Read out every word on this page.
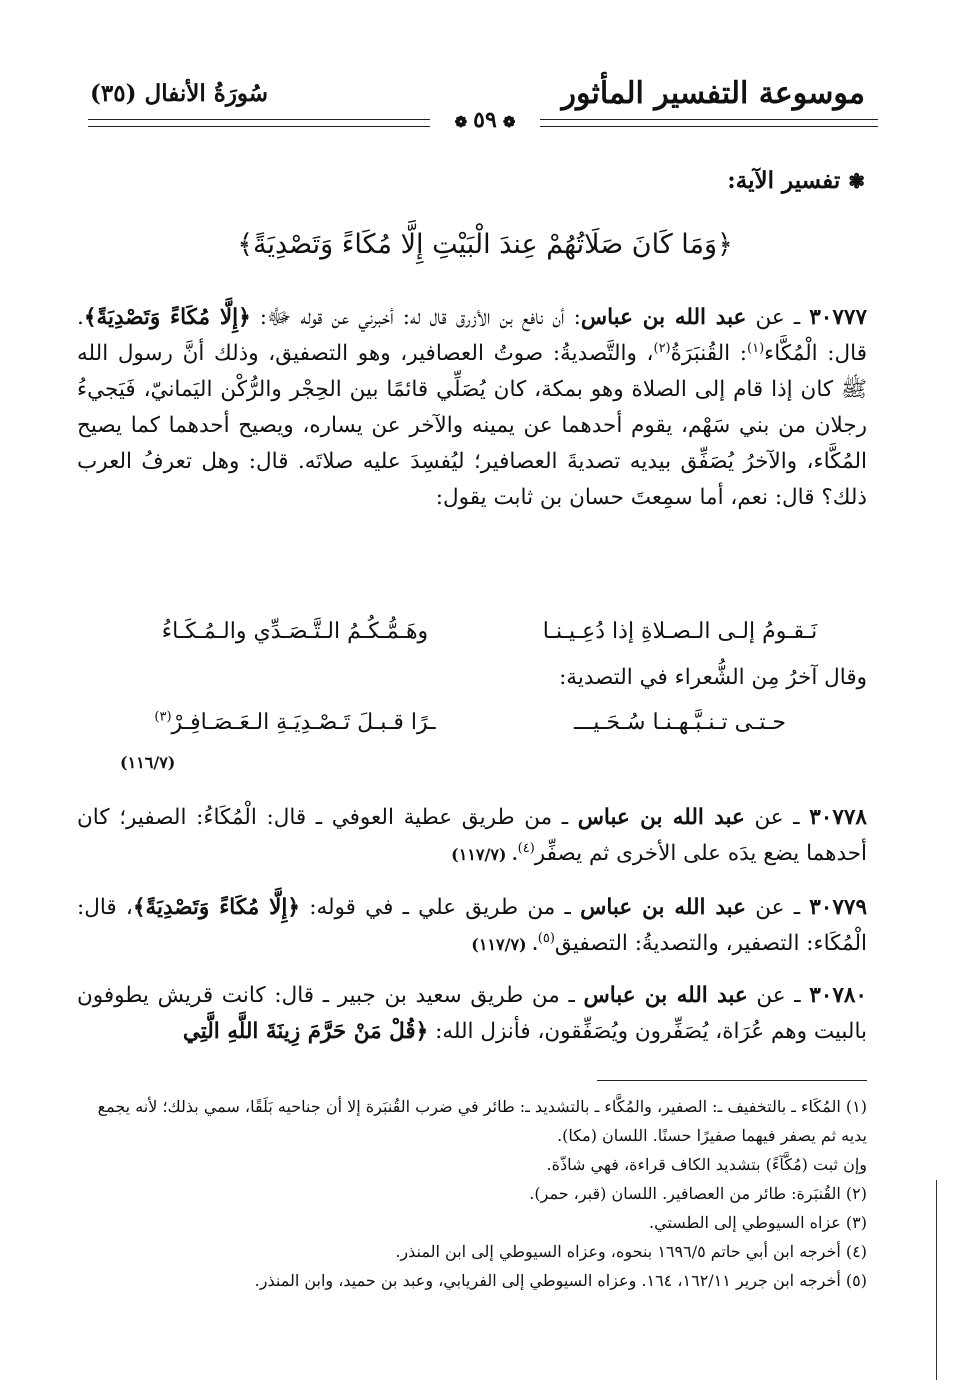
موسوعة التفسير المأثور
سُورَةُ الأنفال (٣٥)
❁ ٥٩ ❁
❃تفسير الآية:
﴿وَمَا كَانَ صَلَاتُهُمْ عِندَ الْبَيْتِ إِلَّا مُكَاءً وَتَصْدِيَةً﴾

٣٠٧٧٧ ـ عن عبد الله بن عباس: أن نافع بن الأزرق قال له: أخبرني عن قوله ﷻ: ﴿إِلَّا مُكَاءً وَتَصْدِيَةً﴾. قال: الْمُكَّاء$^{(١)}$: القُنبَرَةُ$^{(٢)}$، والتَّصديةُ: صوتُ العصافير، وهو التصفيق، وذلك أنَّ رسول الله ﷺ كان إذا قام إلى الصلاة وهو بمكة، كان يُصَلِّي قائمًا بين الحِجْر والرُّكْن اليَمانيّ، فَيَجيءُ رجلان من بني سَهْم، يقوم أحدهما عن يمينه والآخر عن يساره، ويصيح أحدهما كما يصيح المُكَّاء، والآخرُ يُصَفِّق بيديه تصديةَ العصافير؛ ليُفسِدَ عليه صلاتَه. قال: وهل تعرفُ العرب ذلك؟ قال: نعم، أما سمِعتَ حسان بن ثابت يقول:

نَـقـومُ إلـى الـصـلاةِ إذا دُعِـيـنـا
وهَـمُّـكُـمُ الـتَّـصَـدِّي والـمُـكَـاءُ
وقال آخرُ مِن الشُّعراء في التصدية:
حـتـى تـنـبَّـهـنـا سُـحَـيـــ
ـرًا قـبـلَ تَـصْـدِيَـةِ الـعَـصَـافِـرْ$^{(٣)}$
(١١٦/٧)
٣٠٧٧٨ ـ عن عبد الله بن عباس ـ من طريق عطية العوفي ـ قال: الْمُكَاءُ: الصفير؛ كان أحدهما يضع يدَه على الأخرى ثم يصفِّر$^{(٤)}$. (١١٧/٧)
٣٠٧٧٩ ـ عن عبد الله بن عباس ـ من طريق علي ـ في قوله: ﴿إِلَّا مُكَاءً وَتَصْدِيَةً﴾، قال: الْمُكَاء: التصفير، والتصديةُ: التصفيق$^{(٥)}$. (١١٧/٧)
٣٠٧٨٠ ـ عن عبد الله بن عباس ـ من طريق سعيد بن جبير ـ قال: كانت قريش يطوفون بالبيت وهم عُرَاة، يُصَفِّرون ويُصَفِّقون، فأنزل الله: ﴿قُلْ مَنْ حَرَّمَ زِينَةَ اللَّهِ الَّتِي
(١) المُكَاء ـ بالتخفيف ـ: الصفير، والمُكَّاء ـ بالتشديد ـ: طائر في ضرب القُنبَرة إلا أن جناحيه بَلَقًا، سمي بذلك؛ لأنه يجمع يديه ثم يصفر فيهما صفيرًا حسنًا. اللسان (مكا).
وإن ثبت (مُكَّآءً) بتشديد الكاف قراءة، فهي شاذّة.
(٢) القُنبَرة: طائر من العصافير. اللسان (قبر، حمر).
(٣) عزاه السيوطي إلى الطستي.
(٤) أخرجه ابن أبي حاتم ١٦٩٦/٥ بنحوه، وعزاه السيوطي إلى ابن المنذر.
(٥) أخرجه ابن جرير ١٦٢/١١، ١٦٤. وعزاه السيوطي إلى الفريابي، وعبد بن حميد، وابن المنذر.
